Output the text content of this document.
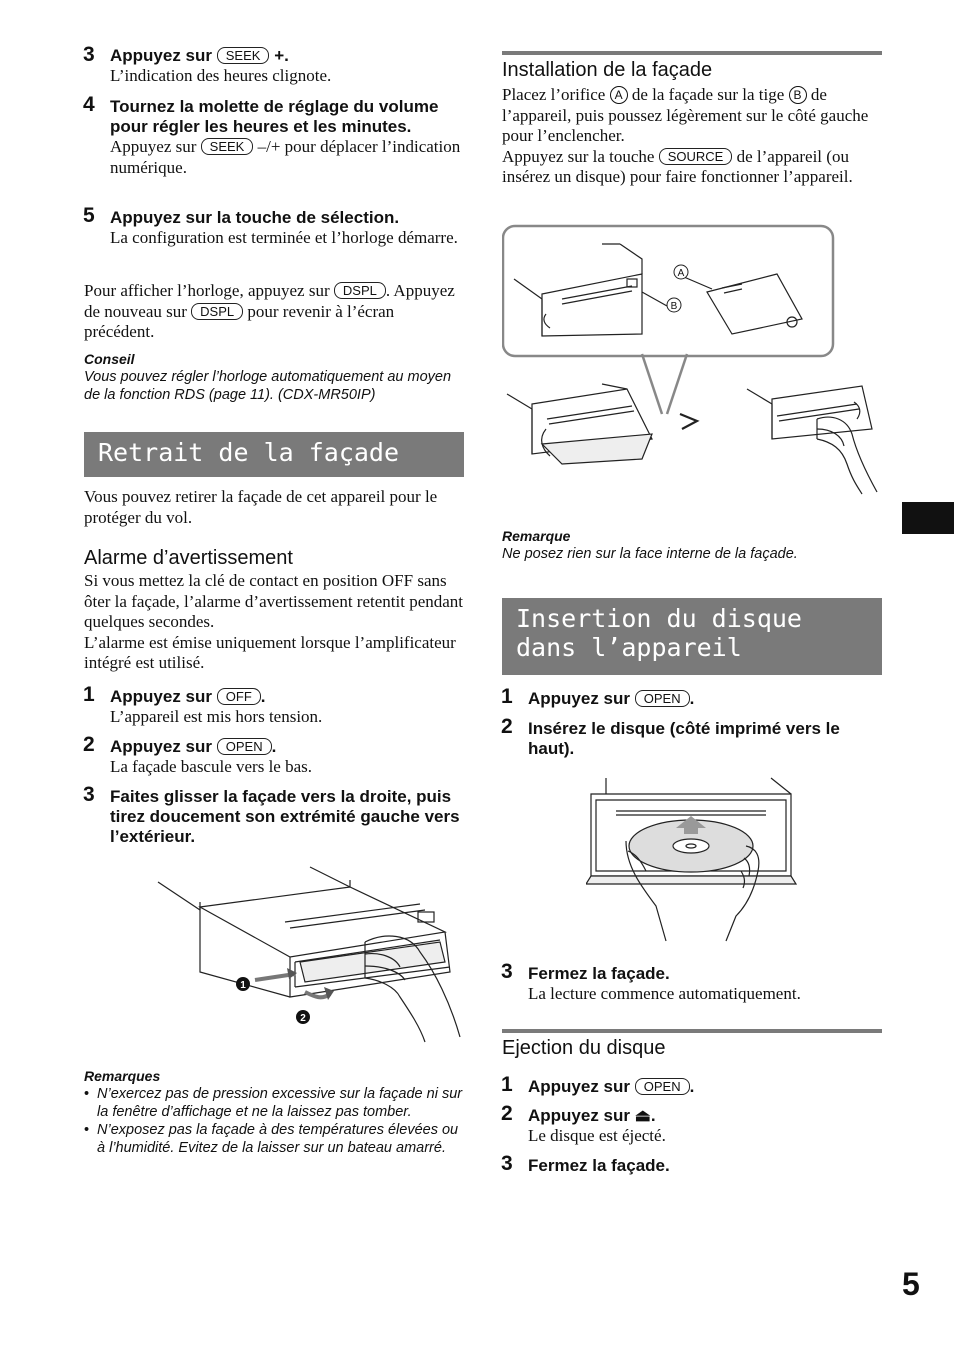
3 Appuyez sur SEEK +.
L’indication des heures clignote.
4 Tournez la molette de réglage du volume pour régler les heures et les minutes.
Appuyez sur SEEK –/+ pour déplacer l’indication numérique.
5 Appuyez sur la touche de sélection.
La configuration est terminée et l’horloge démarre.
Pour afficher l’horloge, appuyez sur DSPL . Appuyez de nouveau sur DSPL pour revenir à l’écran précédent.
Conseil
Vous pouvez régler l’horloge automatiquement au moyen de la fonction RDS (page 11). (CDX-MR50IP)
Retrait de la façade
Vous pouvez retirer la façade de cet appareil pour le protéger du vol.
Alarme d’avertissement
Si vous mettez la clé de contact en position OFF sans ôter la façade, l’alarme d’avertissement retentit pendant quelques secondes.
L’alarme est émise uniquement lorsque l’amplificateur intégré est utilisé.
1 Appuyez sur OFF .
L’appareil est mis hors tension.
2 Appuyez sur OPEN .
La façade bascule vers le bas.
3 Faites glisser la façade vers la droite, puis tirez doucement son extrémité gauche vers l’extérieur.
1
2
Remarques
• N’exercez pas de pression excessive sur la façade ni sur la fenêtre d’affichage et ne la laissez pas tomber.
• N’exposez pas la façade à des températures élevées ou à l’humidité. Evitez de la laisser sur un bateau amarré.
Installation de la façade
Placez l’orifice A de la façade sur la tige B de l’appareil, puis poussez légèrement sur le côté gauche pour l’enclencher.
Appuyez sur la touche SOURCE de l’appareil (ou insérez un disque) pour faire fonctionner l’appareil.
A
B
Remarque
Ne posez rien sur la face interne de la façade.
Insertion du disque dans l’appareil
1 Appuyez sur OPEN .
2 Insérez le disque (côté imprimé vers le haut).
3 Fermez la façade.
La lecture commence automatiquement.
Ejection du disque
1 Appuyez sur OPEN .
2 Appuyez sur ⏏.
Le disque est éjecté.
3 Fermez la façade.
5
